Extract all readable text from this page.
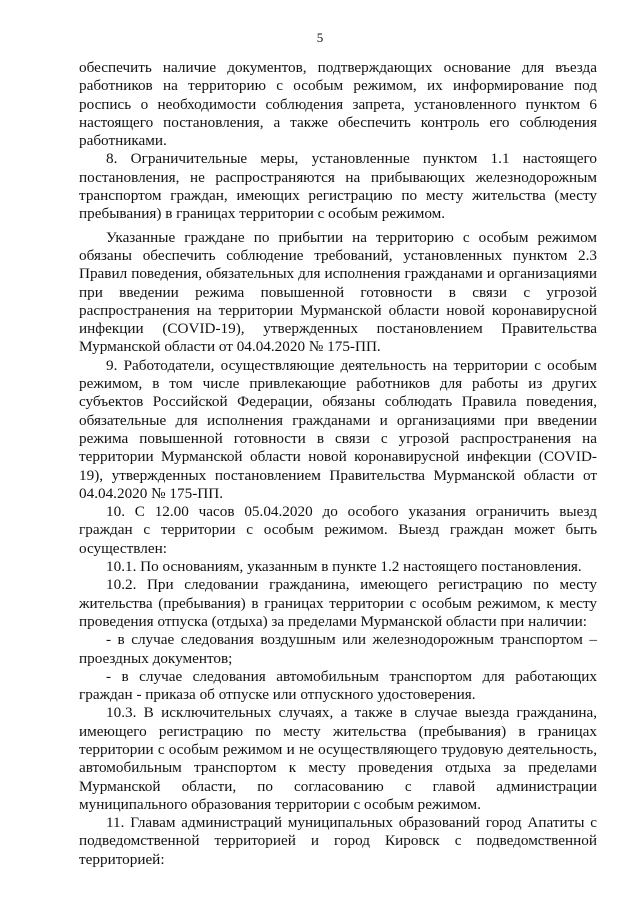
5

обеспечить наличие документов, подтверждающих основание для въезда работников на территорию с особым режимом, их информирование под роспись о необходимости соблюдения запрета, установленного пунктом 6 настоящего постановления, а также обеспечить контроль его соблюдения работниками.

8. Ограничительные меры, установленные пунктом 1.1 настоящего постановления, не распространяются на прибывающих железнодорожным транспортом граждан, имеющих регистрацию по месту жительства (месту пребывания) в границах территории с особым режимом.

Указанные граждане по прибытии на территорию с особым режимом обязаны обеспечить соблюдение требований, установленных пунктом 2.3 Правил поведения, обязательных для исполнения гражданами и организациями при введении режима повышенной готовности в связи с угрозой распространения на территории Мурманской области новой коронавирусной инфекции (COVID-19), утвержденных постановлением Правительства Мурманской области от 04.04.2020 № 175-ПП.

9. Работодатели, осуществляющие деятельность на территории с особым режимом, в том числе привлекающие работников для работы из других субъектов Российской Федерации, обязаны соблюдать Правила поведения, обязательные для исполнения гражданами и организациями при введении режима повышенной готовности в связи с угрозой распространения на территории Мурманской области новой коронавирусной инфекции (COVID-19), утвержденных постановлением Правительства Мурманской области от 04.04.2020 № 175-ПП.

10. С 12.00 часов 05.04.2020 до особого указания ограничить выезд граждан с территории с особым режимом. Выезд граждан может быть осуществлен:

10.1. По основаниям, указанным в пункте 1.2 настоящего постановления.

10.2. При следовании гражданина, имеющего регистрацию по месту жительства (пребывания) в границах территории с особым режимом, к месту проведения отпуска (отдыха) за пределами Мурманской области при наличии:

- в случае следования воздушным или железнодорожным транспортом – проездных документов;

- в случае следования автомобильным транспортом для работающих граждан - приказа об отпуске или отпускного удостоверения.

10.3. В исключительных случаях, а также в случае выезда гражданина, имеющего регистрацию по месту жительства (пребывания) в границах территории с особым режимом и не осуществляющего трудовую деятельность, автомобильным транспортом к месту проведения отдыха за пределами Мурманской области, по согласованию с главой администрации муниципального образования территории с особым режимом.

11. Главам администраций муниципальных образований город Апатиты с подведомственной территорией и город Кировск с подведомственной территорией:
